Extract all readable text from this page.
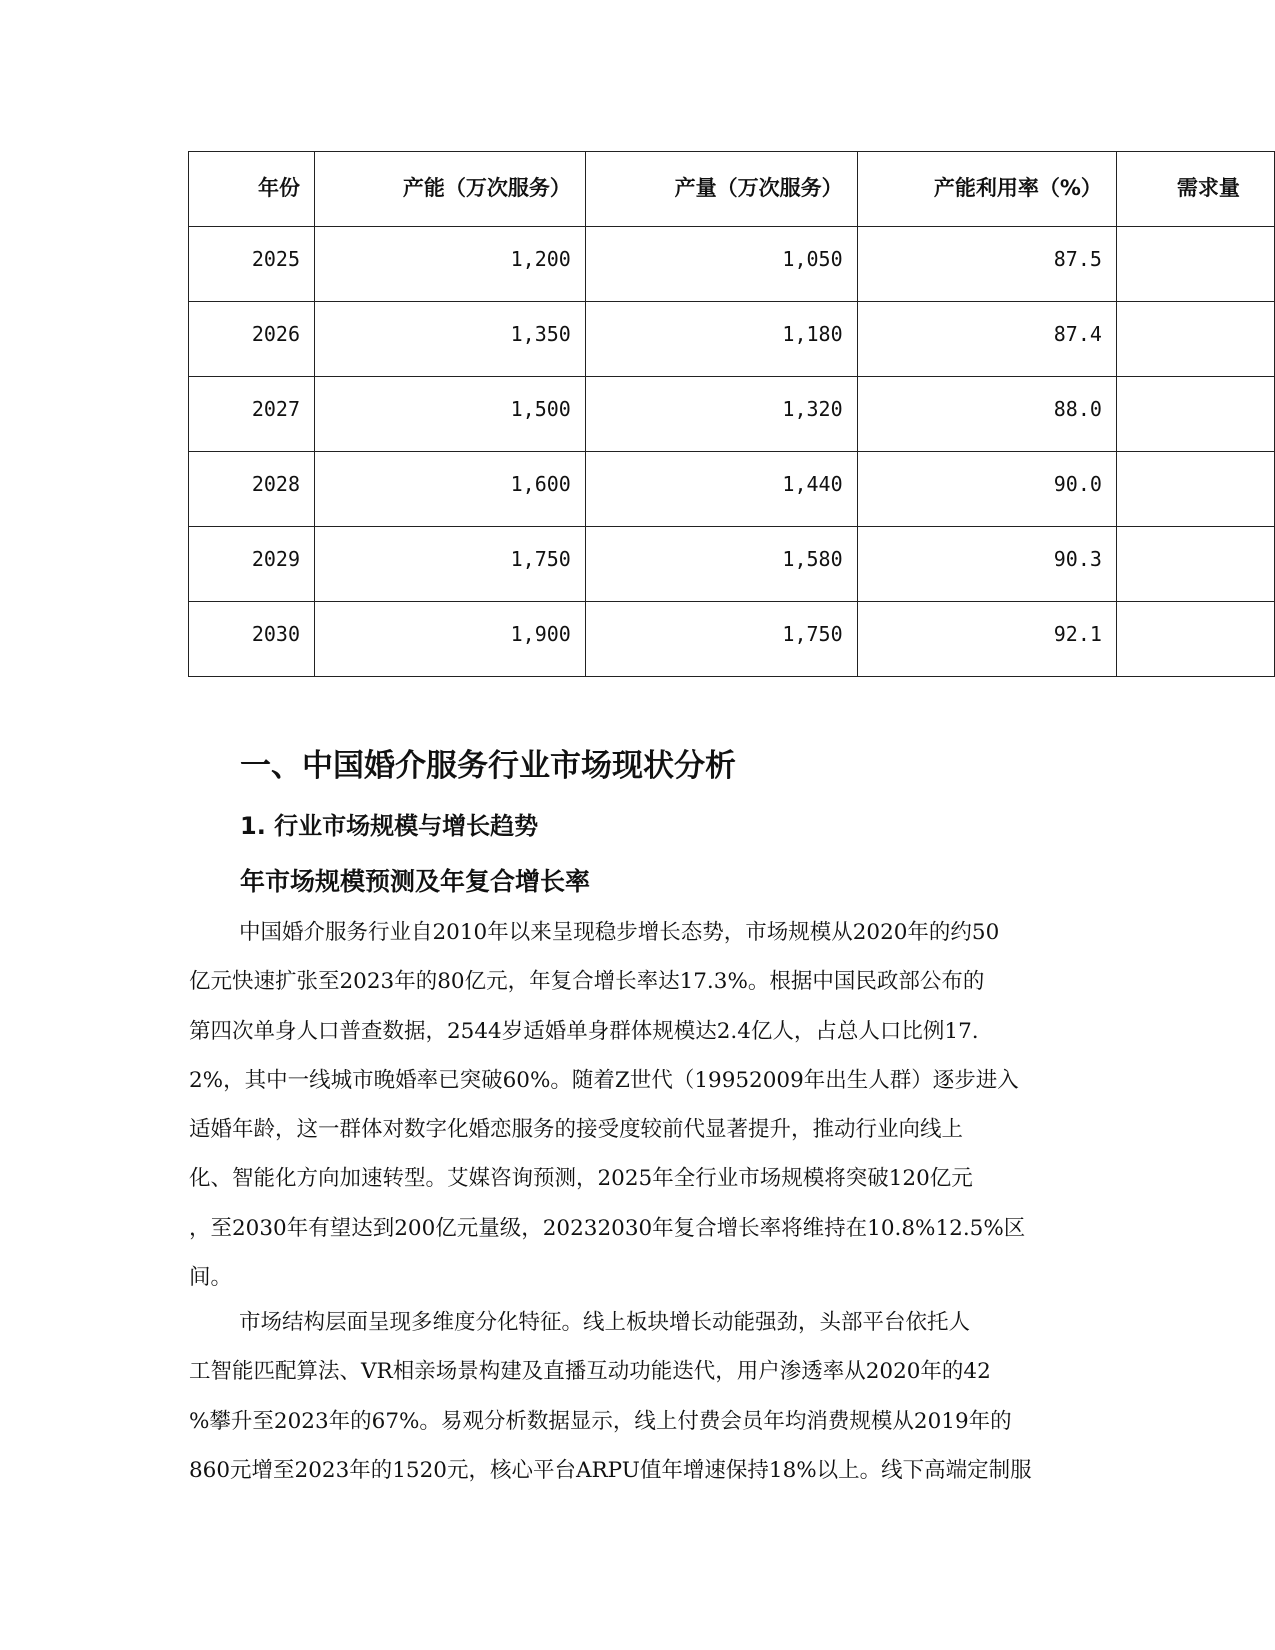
年份	产能（万次服务）	产量（万次服务）	产能利用率（%）	需求量
2025	1,200	1,050	87.5	
2026	1,350	1,180	87.4	
2027	1,500	1,320	88.0	
2028	1,600	1,440	90.0	
2029	1,750	1,580	90.3	
2030	1,900	1,750	92.1	
一、中国婚介服务行业市场现状分析
1. 行业市场规模与增长趋势
年市场规模预测及年复合增长率
中国婚介服务行业自2010年以来呈现稳步增长态势，市场规模从2020年的约50
亿元快速扩张至2023年的80亿元，年复合增长率达17.3%。根据中国民政部公布的
第四次单身人口普查数据，2544岁适婚单身群体规模达2.4亿人，占总人口比例17.
2%，其中一线城市晚婚率已突破60%。随着Z世代（19952009年出生人群）逐步进入
适婚年龄，这一群体对数字化婚恋服务的接受度较前代显著提升，推动行业向线上
化、智能化方向加速转型。艾媒咨询预测，2025年全行业市场规模将突破120亿元
，至2030年有望达到200亿元量级，20232030年复合增长率将维持在10.8%12.5%区
间。
市场结构层面呈现多维度分化特征。线上板块增长动能强劲，头部平台依托人
工智能匹配算法、VR相亲场景构建及直播互动功能迭代，用户渗透率从2020年的42
%攀升至2023年的67%。易观分析数据显示，线上付费会员年均消费规模从2019年的
860元增至2023年的1520元，核心平台ARPU值年增速保持18%以上。线下高端定制服
